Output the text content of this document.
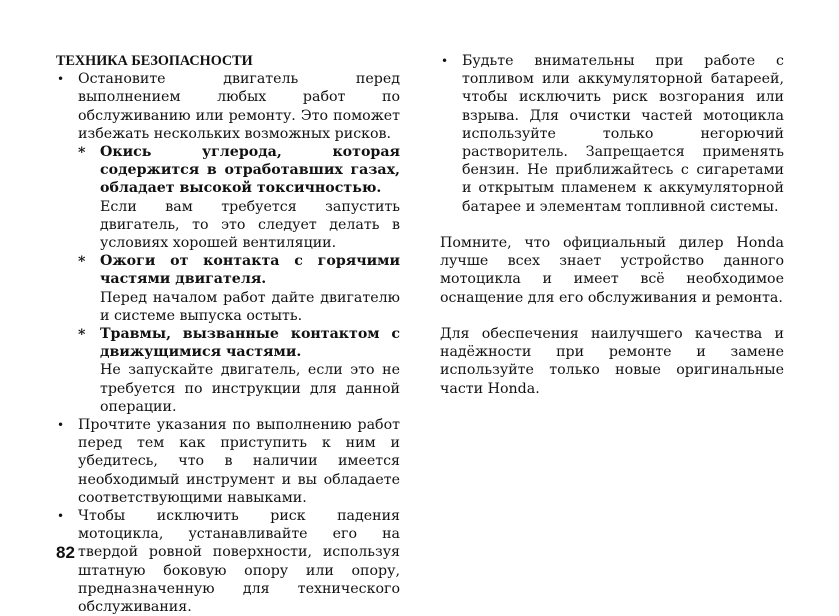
ТЕХНИКА БЕЗОПАСНОСТИ
• Остановите двигатель перед выполнением любых работ по обслуживанию или ремонту. Это поможет избежать нескольких возможных рисков.
* Окись углерода, которая содержится в отработавших газах, обладает высокой токсичностью.
Если вам требуется запустить двигатель, то это следует делать в условиях хорошей вентиляции.
* Ожоги от контакта с горячими частями двигателя.
Перед началом работ дайте двигателю и системе выпуска остыть.
* Травмы, вызванные контактом с движущимися частями.
Не запускайте двигатель, если это не требуется по инструкции для данной операции.
• Прочтите указания по выполнению работ перед тем как приступить к ним и убедитесь, что в наличии имеется необходимый инструмент и вы обладаете соответствующими навыками.
• Чтобы исключить риск падения мотоцикла, устанавливайте его на твердой ровной поверхности, используя штатную боковую опору или опору, предназначенную для технического обслуживания.
• Будьте внимательны при работе с топливом или аккумуляторной батареей, чтобы исключить риск возгорания или взрыва. Для очистки частей мотоцикла используйте только негорючий растворитель. Запрещается применять бензин. Не приближайтесь с сигаретами и открытым пламенем к аккумуляторной батарее и элементам топливной системы.
Помните, что официальный дилер Honda лучше всех знает устройство данного мотоцикла и имеет всё необходимое оснащение для его обслуживания и ремонта.
Для обеспечения наилучшего качества и надёжности при ремонте и замене используйте только новые оригинальные части Honda.
82
